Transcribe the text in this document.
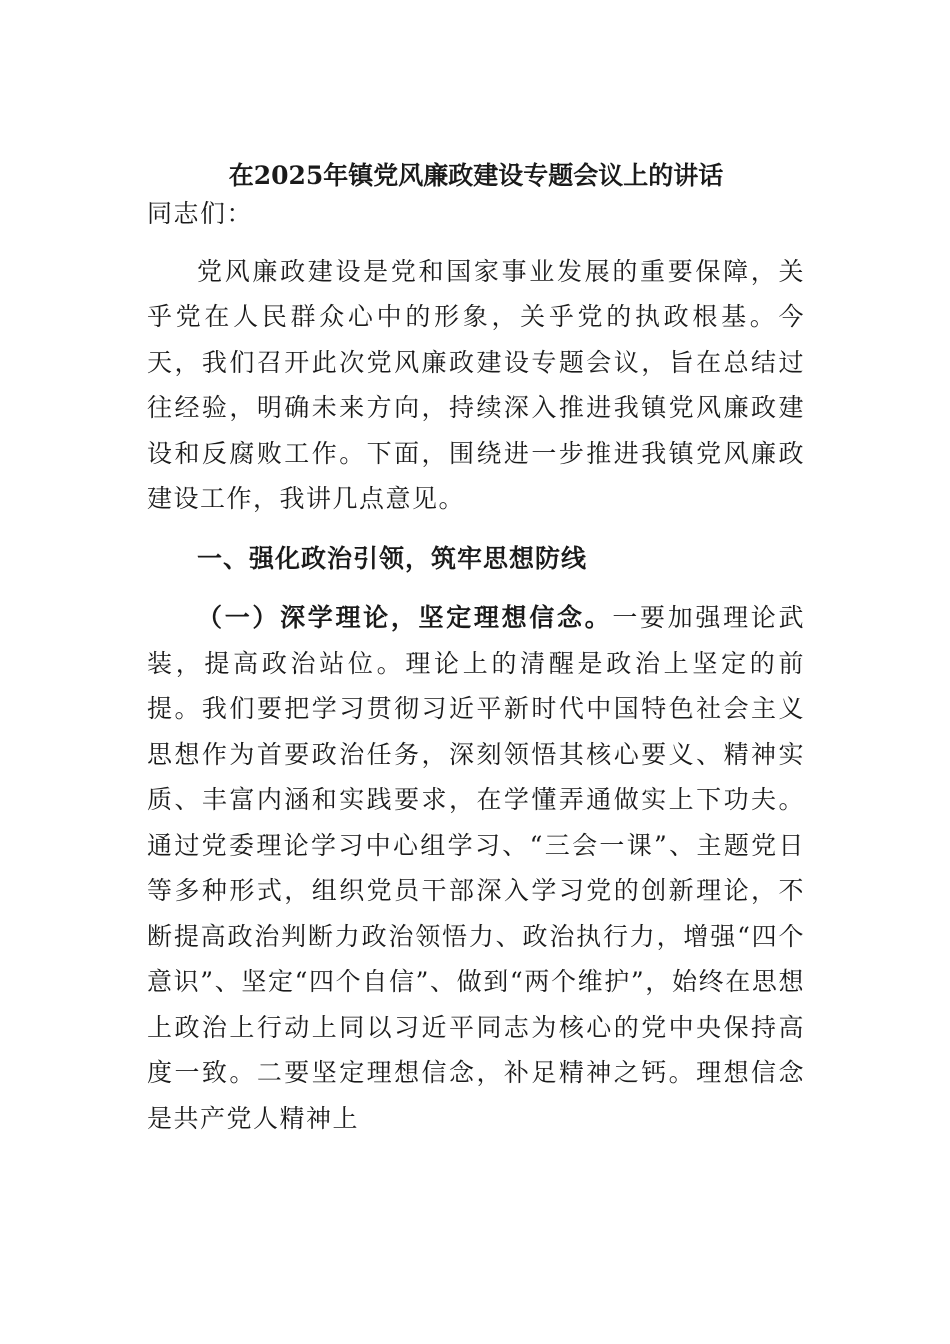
在2025年镇党风廉政建设专题会议上的讲话

同志们：

党风廉政建设是党和国家事业发展的重要保障，关乎党在人民群众心中的形象，关乎党的执政根基。今天，我们召开此次党风廉政建设专题会议，旨在总结过往经验，明确未来方向，持续深入推进我镇党风廉政建设和反腐败工作。下面，围绕进一步推进我镇党风廉政建设工作，我讲几点意见。

一、强化政治引领，筑牢思想防线

（一）深学理论，坚定理想信念。一要加强理论武装，提高政治站位。理论上的清醒是政治上坚定的前提。我们要把学习贯彻习近平新时代中国特色社会主义思想作为首要政治任务，深刻领悟其核心要义、精神实质、丰富内涵和实践要求，在学懂弄通做实上下功夫。通过党委理论学习中心组学习、“三会一课”、主题党日等多种形式，组织党员干部深入学习党的创新理论，不断提高政治判断力政治领悟力、政治执行力，增强“四个意识”、坚定“四个自信”、做到“两个维护”，始终在思想上政治上行动上同以习近平同志为核心的党中央保持高度一致。二要坚定理想信念，补足精神之钙。理想信念是共产党人精神上
